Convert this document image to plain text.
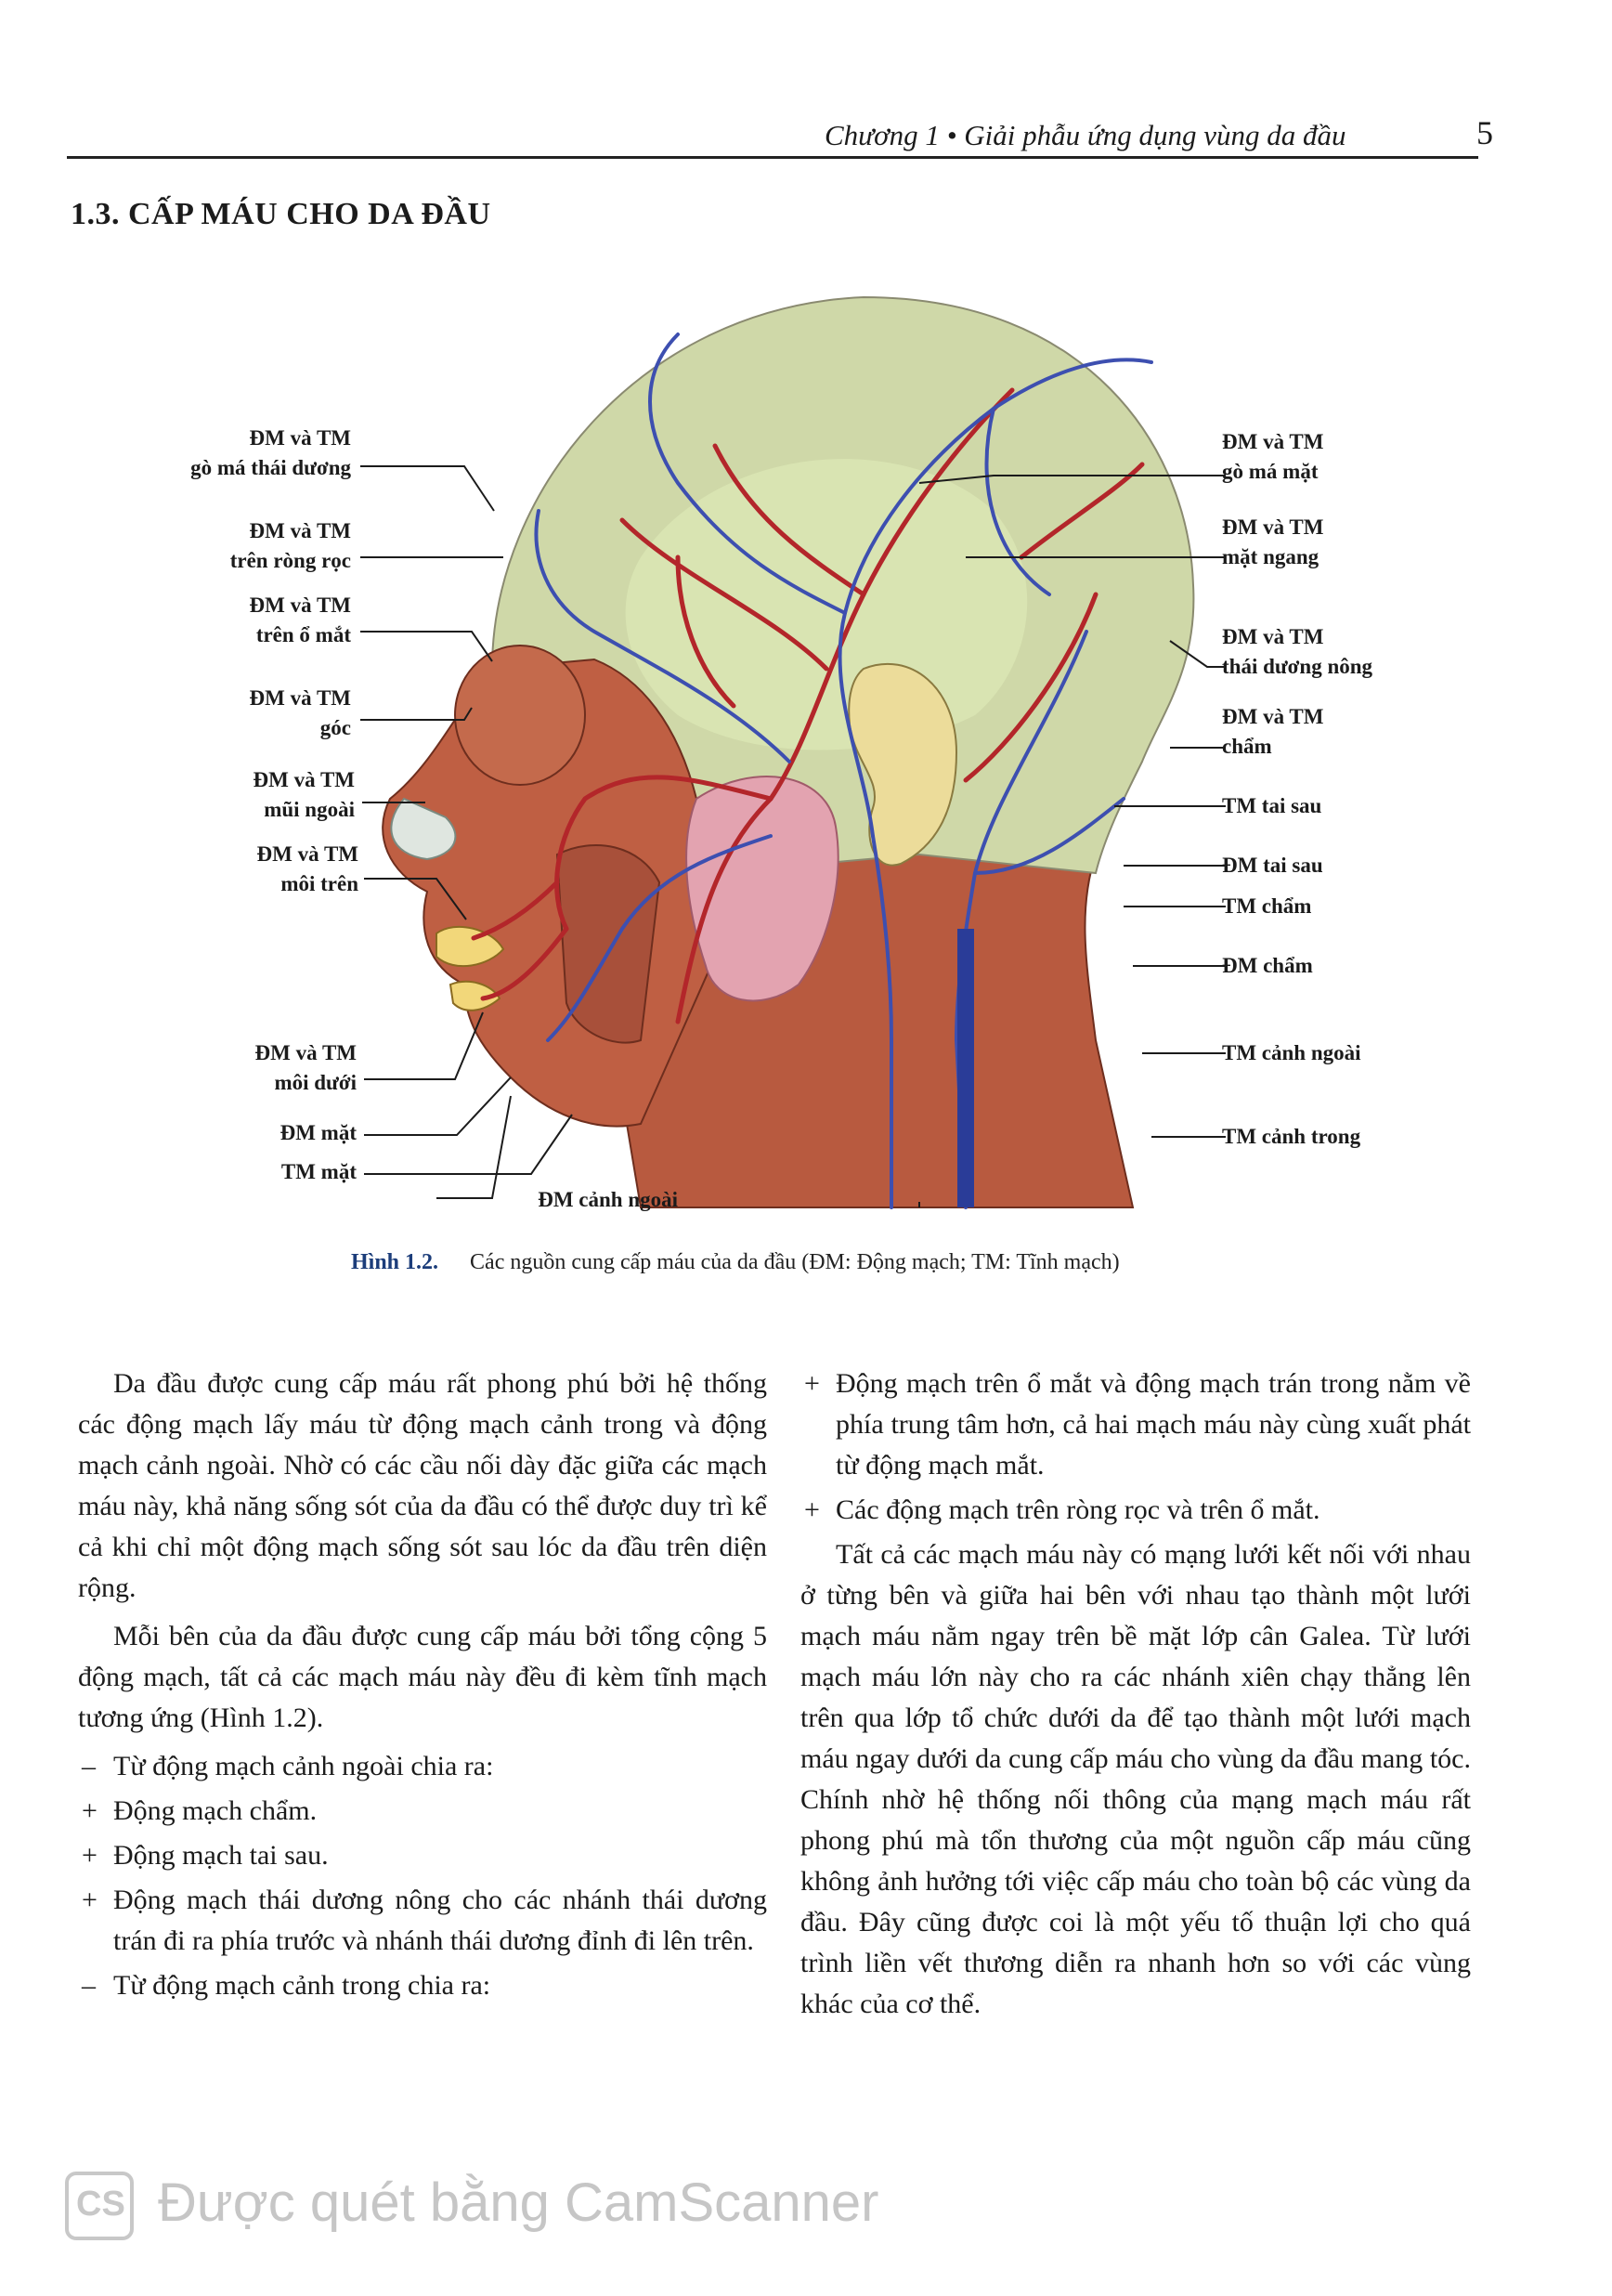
Chương 1 • Giải phẫu ứng dụng vùng da đầu	5
1.3. CẤP MÁU CHO DA ĐẦU
ĐM và TM
gò má thái dương
ĐM và TM
trên ròng rọc
ĐM và TM
trên ổ mắt
ĐM và TM
góc
ĐM và TM
mũi ngoài
ĐM và TM
môi trên
ĐM và TM
môi dưới
ĐM mặt
TM mặt
ĐM cảnh ngoài
ĐM và TM
gò má mặt
ĐM và TM
mặt ngang
ĐM và TM
thái dương nông
ĐM và TM
chẩm
TM tai sau
ĐM tai sau
TM chẩm
ĐM chẩm
TM cảnh ngoài
TM cảnh trong
Hình 1.2. Các nguồn cung cấp máu của da đầu (ĐM: Động mạch; TM: Tĩnh mạch)

Da đầu được cung cấp máu rất phong phú bởi hệ thống các động mạch lấy máu từ động mạch cảnh trong và động mạch cảnh ngoài. Nhờ có các cầu nối dày đặc giữa các mạch máu này, khả năng sống sót của da đầu có thể được duy trì kể cả khi chỉ một động mạch sống sót sau lóc da đầu trên diện rộng.

Mỗi bên của da đầu được cung cấp máu bởi tổng cộng 5 động mạch, tất cả các mạch máu này đều đi kèm tĩnh mạch tương ứng (Hình 1.2).

– Từ động mạch cảnh ngoài chia ra:
+ Động mạch chẩm.
+ Động mạch tai sau.
+ Động mạch thái dương nông cho các nhánh thái dương trán đi ra phía trước và nhánh thái dương đỉnh đi lên trên.
– Từ động mạch cảnh trong chia ra:
+ Động mạch trên ổ mắt và động mạch trán trong nằm về phía trung tâm hơn, cả hai mạch máu này cùng xuất phát từ động mạch mắt.
+ Các động mạch trên ròng rọc và trên ổ mắt.

Tất cả các mạch máu này có mạng lưới kết nối với nhau ở từng bên và giữa hai bên với nhau tạo thành một lưới mạch máu nằm ngay trên bề mặt lớp cân Galea. Từ lưới mạch máu lớn này cho ra các nhánh xiên chạy thẳng lên trên qua lớp tổ chức dưới da để tạo thành một lưới mạch máu ngay dưới da cung cấp máu cho vùng da đầu mang tóc. Chính nhờ hệ thống nối thông của mạng mạch máu rất phong phú mà tổn thương của một nguồn cấp máu cũng không ảnh hưởng tới việc cấp máu cho toàn bộ các vùng da đầu. Đây cũng được coi là một yếu tố thuận lợi cho quá trình liền vết thương diễn ra nhanh hơn so với các vùng khác của cơ thể.

CS Được quét bằng CamScanner
